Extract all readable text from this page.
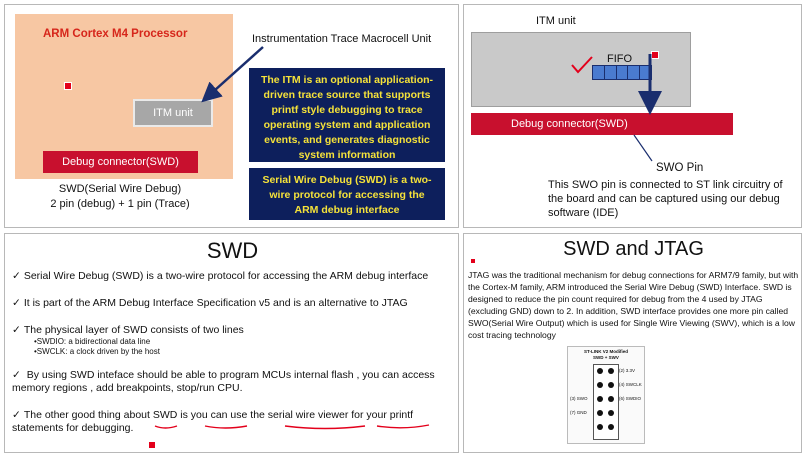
ARM Cortex M4 Processor
ITM unit
Debug connector(SWD)
SWD(Serial Wire Debug)
2 pin (debug) + 1 pin (Trace)
Instrumentation Trace Macrocell Unit
The ITM is an optional application-driven trace source that supports printf style debugging to trace operating system and application events, and generates diagnostic system information
Serial Wire Debug (SWD) is a two-wire protocol for accessing the ARM debug interface
ITM unit
FIFO
Debug connector(SWD)
SWO Pin
This SWO pin is connected to ST link circuitry of the board and can be captured using our debug software (IDE)
SWD

✓ Serial Wire Debug (SWD) is a two-wire protocol for accessing the ARM debug interface

✓ It is part of the ARM Debug Interface Specification v5 and is an alternative to JTAG

✓ The physical layer of SWD consists of two lines

•SWDIO: a bidirectional data line

•SWCLK: a clock driven by the host

✓ By using SWD inteface should be able to program MCUs internal flash , you can access memory regions , add breakpoints, stop/run CPU.

✓ The other good thing about SWD is you can use the serial wire viewer for your printf statements for debugging.

SWD and JTAG
JTAG was the traditional mechanism for debug connections for ARM7/9 family, but with the Cortex-M family, ARM introduced the Serial Wire Debug (SWD) Interface. SWD is designed to reduce the pin count required for debug from the 4 used by JTAG (excluding GND) down to 2. In addition, SWD interface provides one more pin called SWO(Serial Wire Output) which is used for Single Wire Viewing (SWV), which is a low cost tracing technology
ST-LINK V2 Modified
SWD + SWV
(2) 3.3V
(4) SWCLK
(3) SWO	(6) SWDIO
(7) GND
